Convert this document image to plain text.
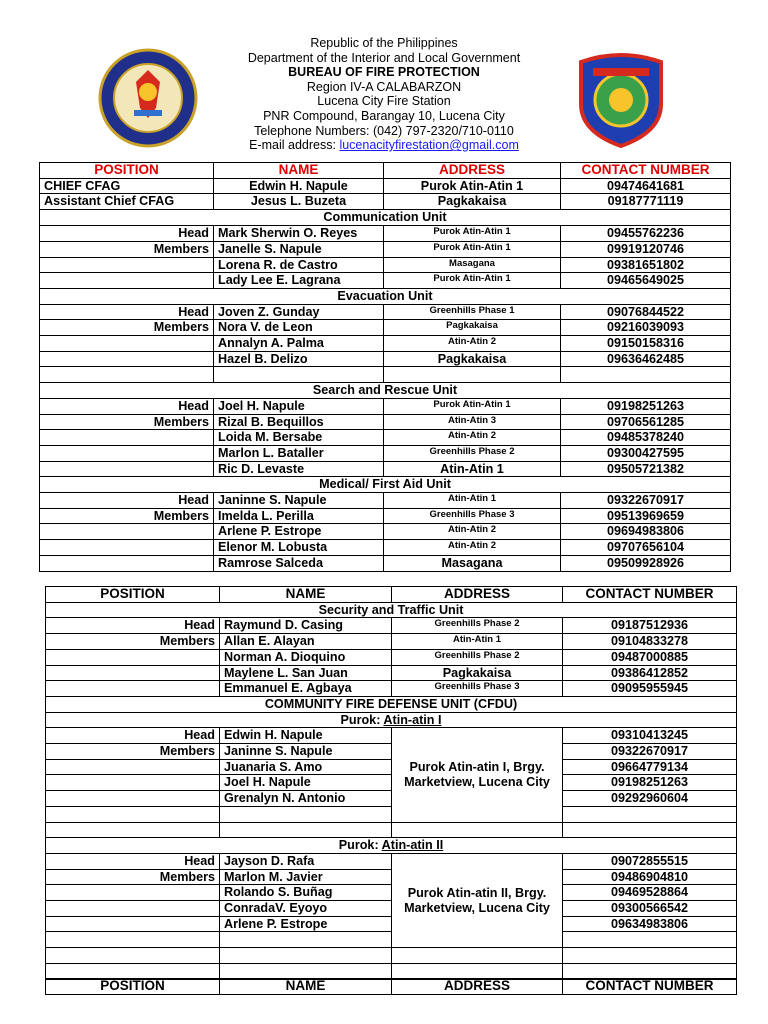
Republic of the Philippines
Department of the Interior and Local Government
BUREAU OF FIRE PROTECTION
Region IV-A CALABARZON
Lucena City Fire Station
PNR Compound, Barangay 10, Lucena City
Telephone Numbers: (042) 797-2320/710-0110
E-mail address: lucenacityfirestation@gmail.com
POSITION	NAME	ADDRESS	CONTACT NUMBER
CHIEF CFAG	Edwin H. Napule	Purok Atin-Atin 1	09474641681
Assistant Chief CFAG	Jesus L. Buzeta	Pagkakaisa	09187771119
Communication Unit			
Head	Mark Sherwin O. Reyes	Purok Atin-Atin 1	09455762236
Members	Janelle S. Napule	Purok Atin-Atin 1	09919120746
	Lorena R. de Castro	Masagana	09381651802
	Lady Lee E. Lagrana	Purok Atin-Atin 1	09465649025
Evacuation Unit			
Head	Joven Z. Gunday	Greenhills Phase 1	09076844522
Members	Nora V. de Leon	Pagkakaisa	09216039093
	Annalyn A. Palma	Atin-Atin 2	09150158316
	Hazel B. Delizo	Pagkakaisa	09636462485

Search and Rescue Unit			
Head	Joel H. Napule	Purok Atin-Atin 1	09198251263
Members	Rizal B. Bequillos	Atin-Atin 3	09706561285
	Loida M. Bersabe	Atin-Atin 2	09485378240
	Marlon L. Bataller	Greenhills Phase 2	09300427595
	Ric D. Levaste	Atin-Atin 1	09505721382
Medical/ First Aid Unit			
Head	Janinne S. Napule	Atin-Atin 1	09322670917
Members	Imelda L. Perilla	Greenhills Phase 3	09513969659
	Arlene P. Estrope	Atin-Atin 2	09694983806
	Elenor M. Lobusta	Atin-Atin 2	09707656104
	Ramrose Salceda	Masagana	09509928926
POSITION	NAME	ADDRESS	CONTACT NUMBER
Security and Traffic Unit			
Head	Raymund D. Casing	Greenhills Phase 2	09187512936
Members	Allan E. Alayan	Atin-Atin 1	09104833278
	Norman A. Dioquino	Greenhills Phase 2	09487000885
	Maylene L. San Juan	Pagkakaisa	09386412852
	Emmanuel E. Agbaya	Greenhills Phase 3	09095955945
COMMUNITY FIRE DEFENSE UNIT (CFDU)			
Purok: Atin-atin I			
Head	Edwin H. Napule	Purok Atin-atin I, Brgy. Marketview, Lucena City	09310413245
Members	Janinne S. Napule		09322670917
	Juanaria S. Amo		09664779134
	Joel H. Napule		09198251263
	Grenalyn N. Antonio		09292960604

Purok: Atin-atin II			
Head	Jayson D. Rafa	Purok Atin-atin II, Brgy. Marketview, Lucena City	09072855515
Members	Marlon M. Javier		09486904810
	Rolando S. Buñag		09469528864
	ConradaV. Eyoyo		09300566542
	Arlene P. Estrope		09634983806

POSITION	NAME	ADDRESS	CONTACT NUMBER
